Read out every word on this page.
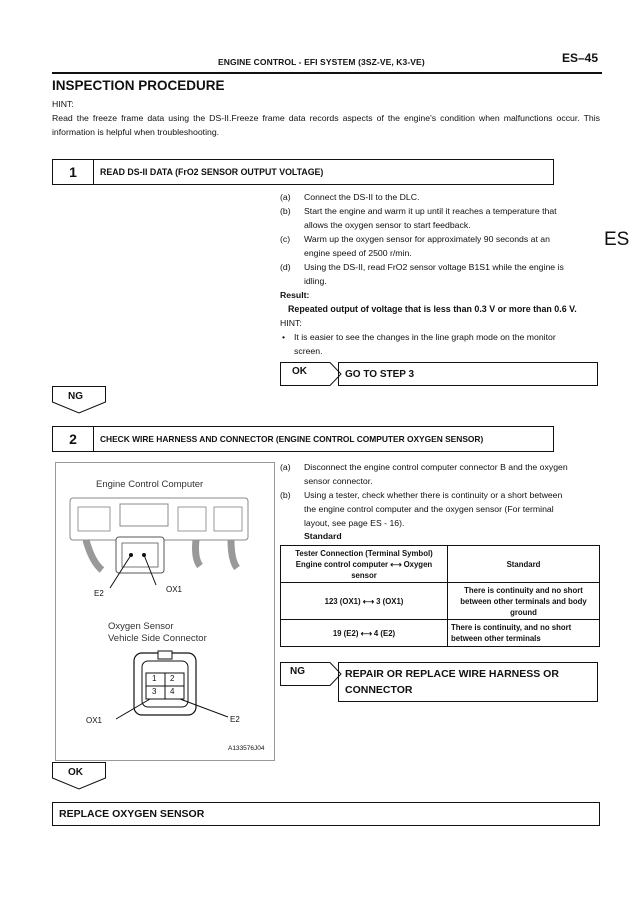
ENGINE CONTROL - EFI SYSTEM (3SZ-VE, K3-VE)	ES–45
ES
INSPECTION PROCEDURE
HINT:
Read the freeze frame data using the DS-II.Freeze frame data records aspects of the engine's condition when malfunctions occur. This information is helpful when troubleshooting.
1	READ DS-II DATA (FrO2 SENSOR OUTPUT VOLTAGE)
(a) Connect the DS-II to the DLC.
(b) Start the engine and warm it up until it reaches a temperature that
allows the oxygen sensor to start feedback.
(c) Warm up the oxygen sensor for approximately 90 seconds at an
engine speed of 2500 r/min.
(d) Using the DS-II, read FrO2 sensor voltage B1S1 while the engine is
idling.
Result:
Repeated output of voltage that is less than 0.3 V or more than 0.6 V.
HINT:
• It is easier to see the changes in the line graph mode on the monitor
screen.
OK	GO TO STEP 3
NG
2	CHECK WIRE HARNESS AND CONNECTOR (ENGINE CONTROL COMPUTER OXYGEN SENSOR)
Engine Control Computer
E2	OX1
Oxygen Sensor
Vehicle Side Connector
1 2
3 4
OX1	E2
A133576J04
(a) Disconnect the engine control computer connector B and the oxygen
sensor connector.
(b) Using a tester, check whether there is continuity or a short between
the engine control computer and the oxygen sensor (For terminal
layout, see page ES - 16).
Standard
Tester Connection (Terminal Symbol) Engine control computer ⟷ Oxygen sensor	Standard
123 (OX1) ⟷ 3 (OX1)	There is continuity and no short between other terminals and body ground
19 (E2) ⟷ 4 (E2)	There is continuity, and no short between other terminals
NG	REPAIR OR REPLACE WIRE HARNESS OR
CONNECTOR
OK
REPLACE OXYGEN SENSOR
